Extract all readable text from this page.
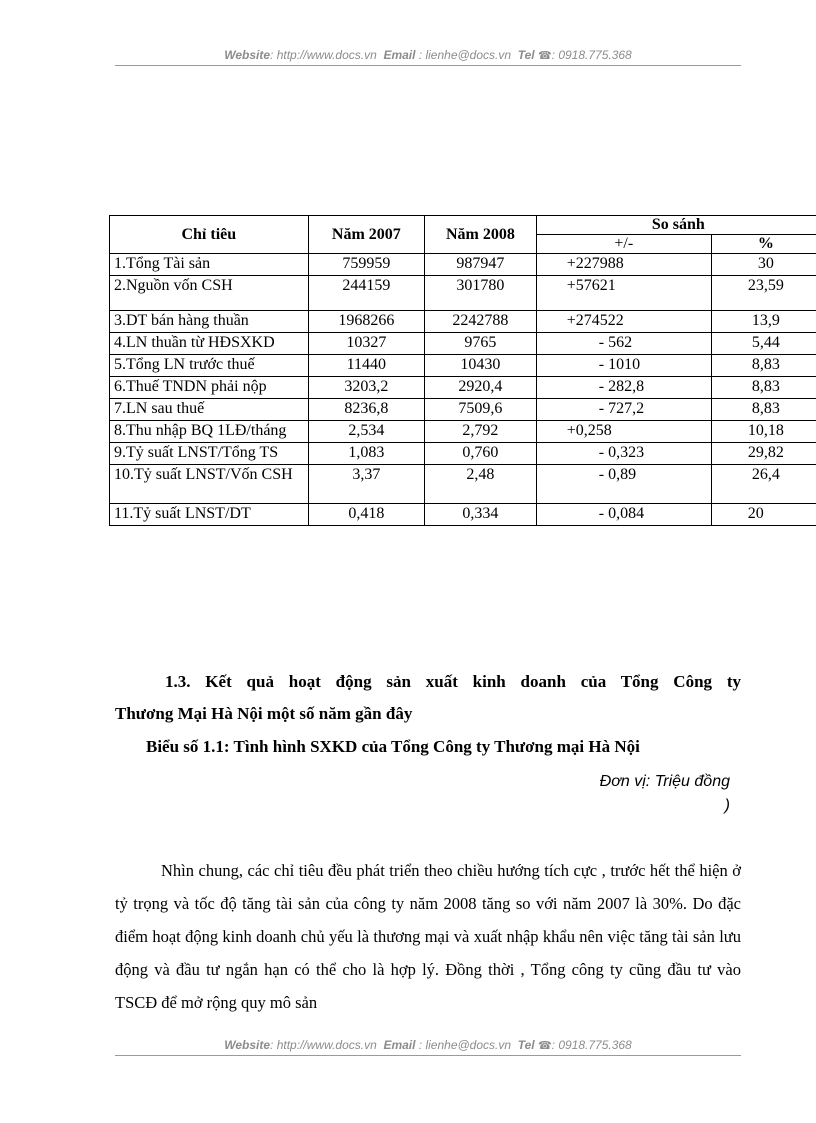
Website: http://www.docs.vn Email : lienhe@docs.vn Tel ☎: 0918.775.368
Chỉ tiêu	Năm 2007	Năm 2008	So sánh	
			+/-	%
1.Tổng Tài sản	759959	987947	+227988	30
2.Nguồn vốn CSH	244159	301780	+57621	23,59
3.DT bán hàng thuần	1968266	2242788	+274522	13,9
4.LN thuần từ HĐSXKD	10327	9765	- 562	5,44
5.Tổng LN trước thuế	11440	10430	- 1010	8,83
6.Thuế TNDN phải nộp	3203,2	2920,4	- 282,8	8,83
7.LN sau thuế	8236,8	7509,6	- 727,2	8,83
8.Thu nhập BQ 1LĐ/tháng	2,534	2,792	+0,258	10,18
9.Tỷ suất LNST/Tổng TS	1,083	0,760	- 0,323	29,82
10.Tỷ suất LNST/Vốn CSH	3,37	2,48	- 0,89	26,4
11.Tỷ suất LNST/DT	0,418	0,334	- 0,084	20
1.3. Kết quả hoạt động sản xuất kinh doanh của Tổng Công ty
Thương Mại Hà Nội một số năm gần đây
Biểu số 1.1: Tình hình SXKD của Tổng Công ty Thương mại Hà Nội
Đơn vị: Triệu đồng
)

Nhìn chung, các chỉ tiêu đều phát triển theo chiều hướng tích cực , trước hết thể hiện ở tỷ trọng và tốc độ tăng tài sản của công ty năm 2008 tăng so với năm 2007 là 30%. Do đặc điểm hoạt động kinh doanh chủ yếu là thương mại và xuất nhập khẩu nên việc tăng tài sản lưu động và đầu tư ngắn hạn có thể cho là hợp lý. Đồng thời , Tổng công ty cũng đầu tư vào TSCĐ để mở rộng quy mô sản

Website: http://www.docs.vn Email : lienhe@docs.vn Tel ☎: 0918.775.368
